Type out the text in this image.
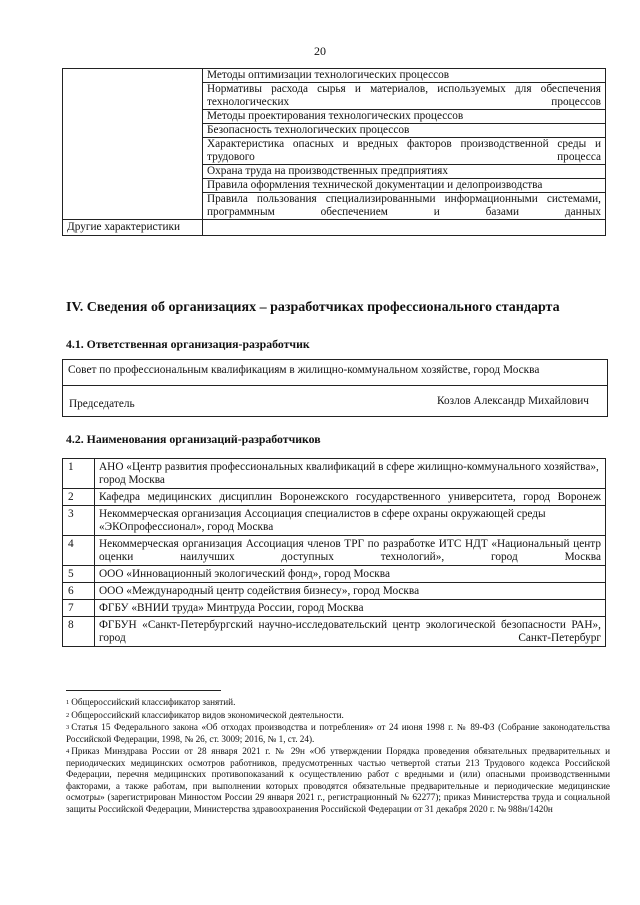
20
	Методы оптимизации технологических процессов
	Нормативы расхода сырья и материалов, используемых для обеспечения технологических процессов
	Методы проектирования технологических процессов
	Безопасность технологических процессов
	Характеристика опасных и вредных факторов производственной среды и трудового процесса
	Охрана труда на производственных предприятиях
	Правила оформления технической документации и делопроизводства
	Правила пользования специализированными информационными системами, программным обеспечением и базами данных
Другие характеристики	
IV. Сведения об организациях – разработчиках профессионального стандарта
4.1. Ответственная организация-разработчик
Совет по профессиональным квалификациям в жилищно-коммунальном хозяйстве, город Москва
Председатель	Козлов Александр Михайлович
4.2. Наименования организаций-разработчиков
1	АНО «Центр развития профессиональных квалификаций в сфере жилищно-коммунального хозяйства», город Москва
2	Кафедра медицинских дисциплин Воронежского государственного университета, город Воронеж
3	Некоммерческая организация Ассоциация специалистов в сфере охраны окружающей среды «ЭКОпрофессионал», город Москва
4	Некоммерческая организация Ассоциация членов ТРГ по разработке ИТС НДТ «Национальный центр оценки наилучших доступных технологий», город Москва
5	ООО «Инновационный экологический фонд», город Москва
6	ООО «Международный центр содействия бизнесу», город Москва
7	ФГБУ «ВНИИ труда» Минтруда России, город Москва
8	ФГБУН «Санкт-Петербургский научно-исследовательский центр экологической безопасности РАН», город Санкт-Петербург

$^1$ Общероссийский классификатор занятий.

$^2$ Общероссийский классификатор видов экономической деятельности.

$^3$ Статья 15 Федерального закона «Об отходах производства и потребления» от 24 июня 1998 г. № 89-ФЗ (Собрание законодательства Российской Федерации, 1998, № 26, ст. 3009; 2016, № 1, ст. 24).

$^4$ Приказ Минздрава России от 28 января 2021 г. № 29н «Об утверждении Порядка проведения обязательных предварительных и периодических медицинских осмотров работников, предусмотренных частью четвертой статьи 213 Трудового кодекса Российской Федерации, перечня медицинских противопоказаний к осуществлению работ с вредными и (или) опасными производственными факторами, а также работам, при выполнении которых проводятся обязательные предварительные и периодические медицинские осмотры» (зарегистрирован Минюстом России 29 января 2021 г., регистрационный № 62277); приказ Министерства труда и социальной защиты Российской Федерации, Министерства здравоохранения Российской Федерации от 31 декабря 2020 г. № 988н/1420н
